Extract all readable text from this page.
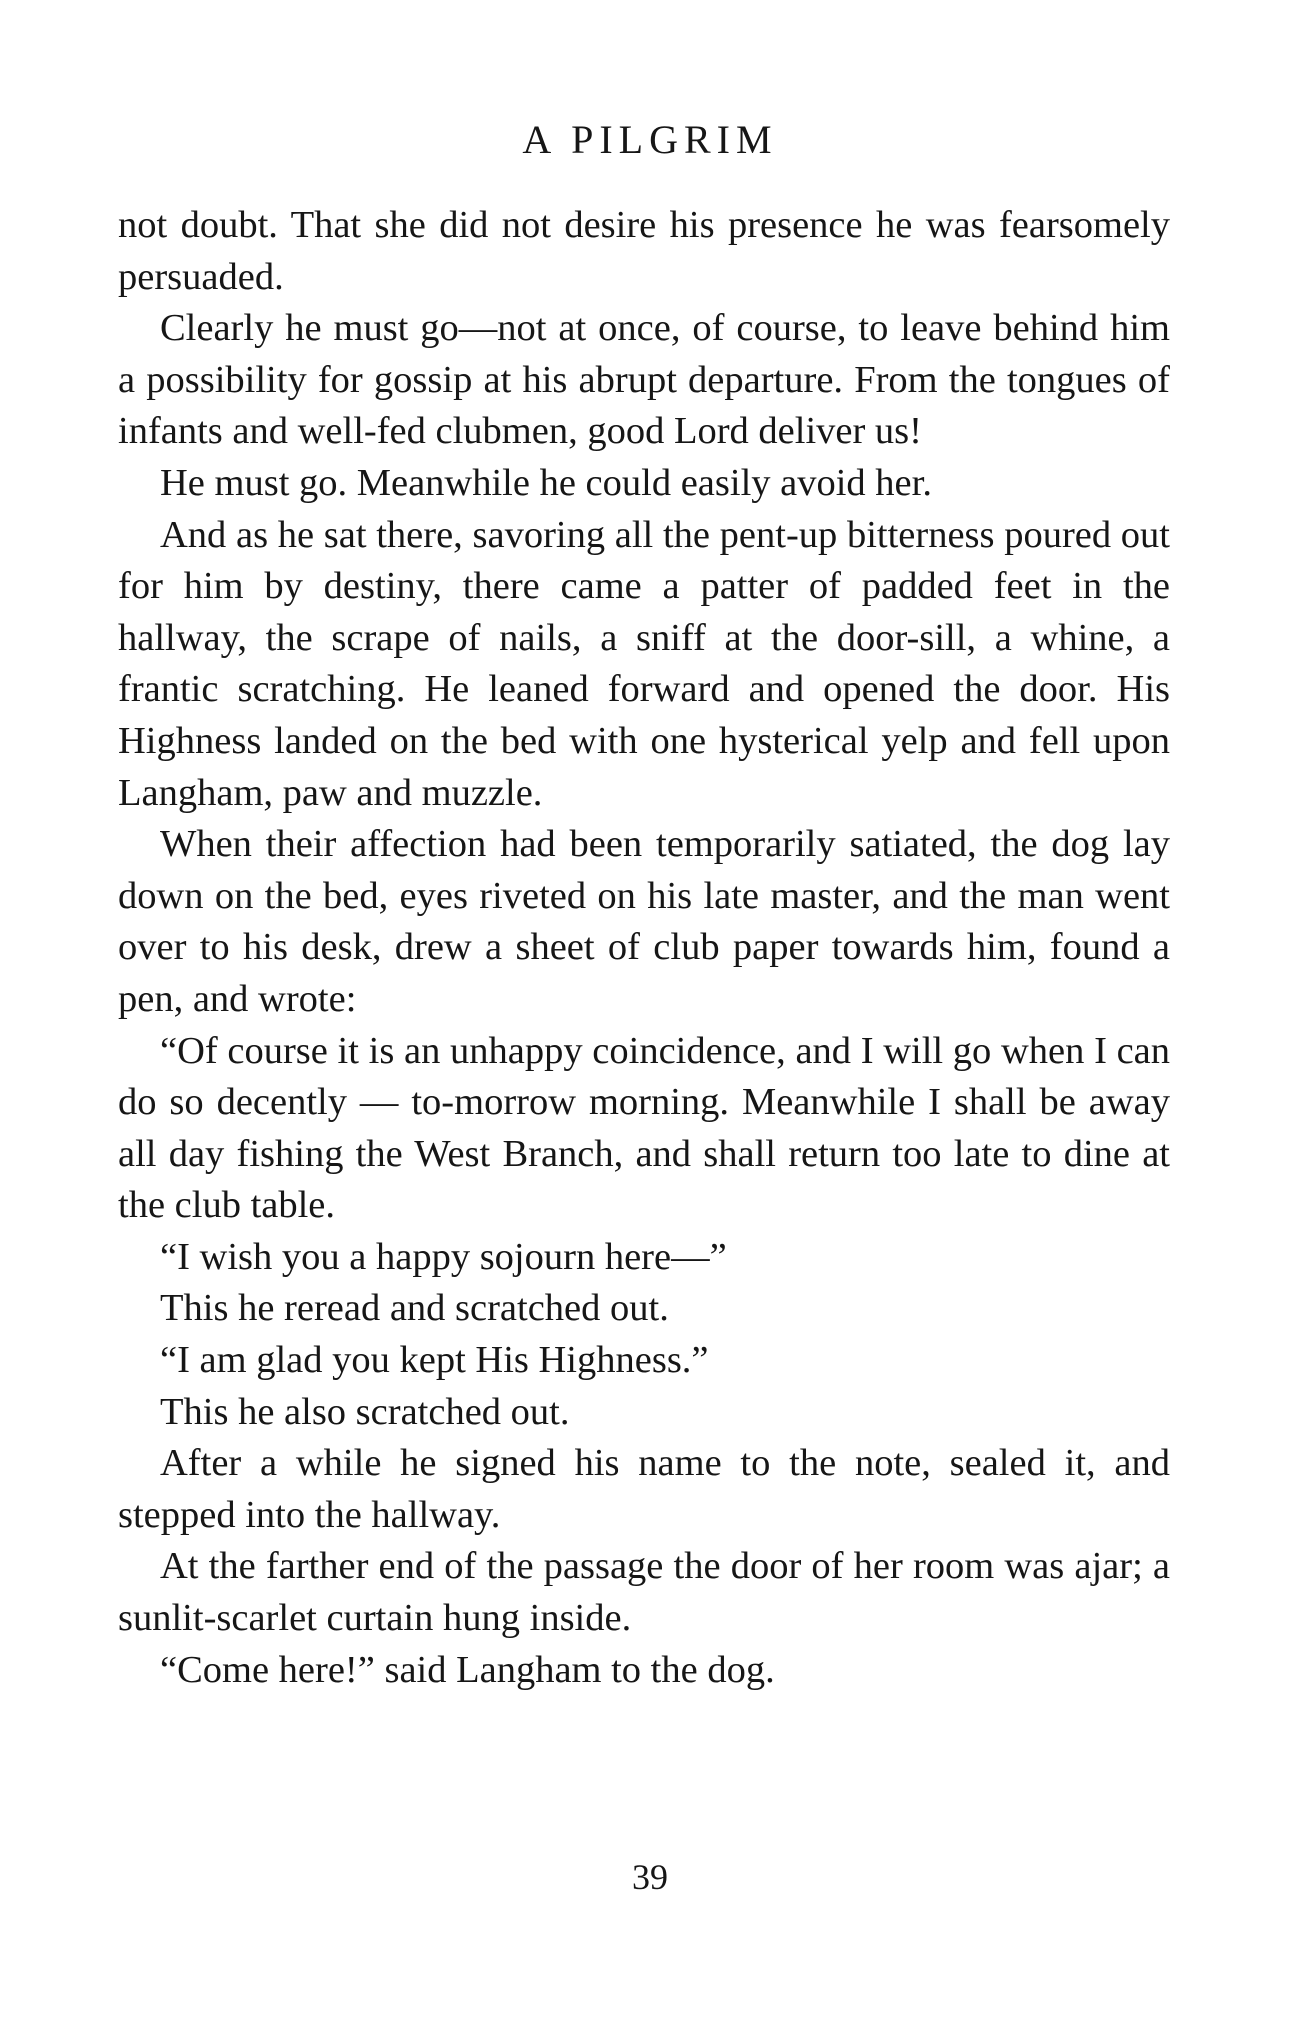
A PILGRIM

not doubt. That she did not desire his presence he was fearsomely persuaded.

Clearly he must go—not at once, of course, to leave behind him a possibility for gossip at his abrupt departure. From the tongues of infants and well-fed clubmen, good Lord deliver us!

He must go. Meanwhile he could easily avoid her.

And as he sat there, savoring all the pent-up bitterness poured out for him by destiny, there came a patter of padded feet in the hallway, the scrape of nails, a sniff at the door-sill, a whine, a frantic scratching. He leaned forward and opened the door. His Highness landed on the bed with one hysterical yelp and fell upon Langham, paw and muzzle.

When their affection had been temporarily satiated, the dog lay down on the bed, eyes riveted on his late master, and the man went over to his desk, drew a sheet of club paper towards him, found a pen, and wrote:

“Of course it is an unhappy coincidence, and I will go when I can do so decently — to-morrow morning. Meanwhile I shall be away all day fishing the West Branch, and shall return too late to dine at the club table.

“I wish you a happy sojourn here—”

This he reread and scratched out.

“I am glad you kept His Highness.”

This he also scratched out.

After a while he signed his name to the note, sealed it, and stepped into the hallway.

At the farther end of the passage the door of her room was ajar; a sunlit-scarlet curtain hung inside.

“Come here!” said Langham to the dog.

39
